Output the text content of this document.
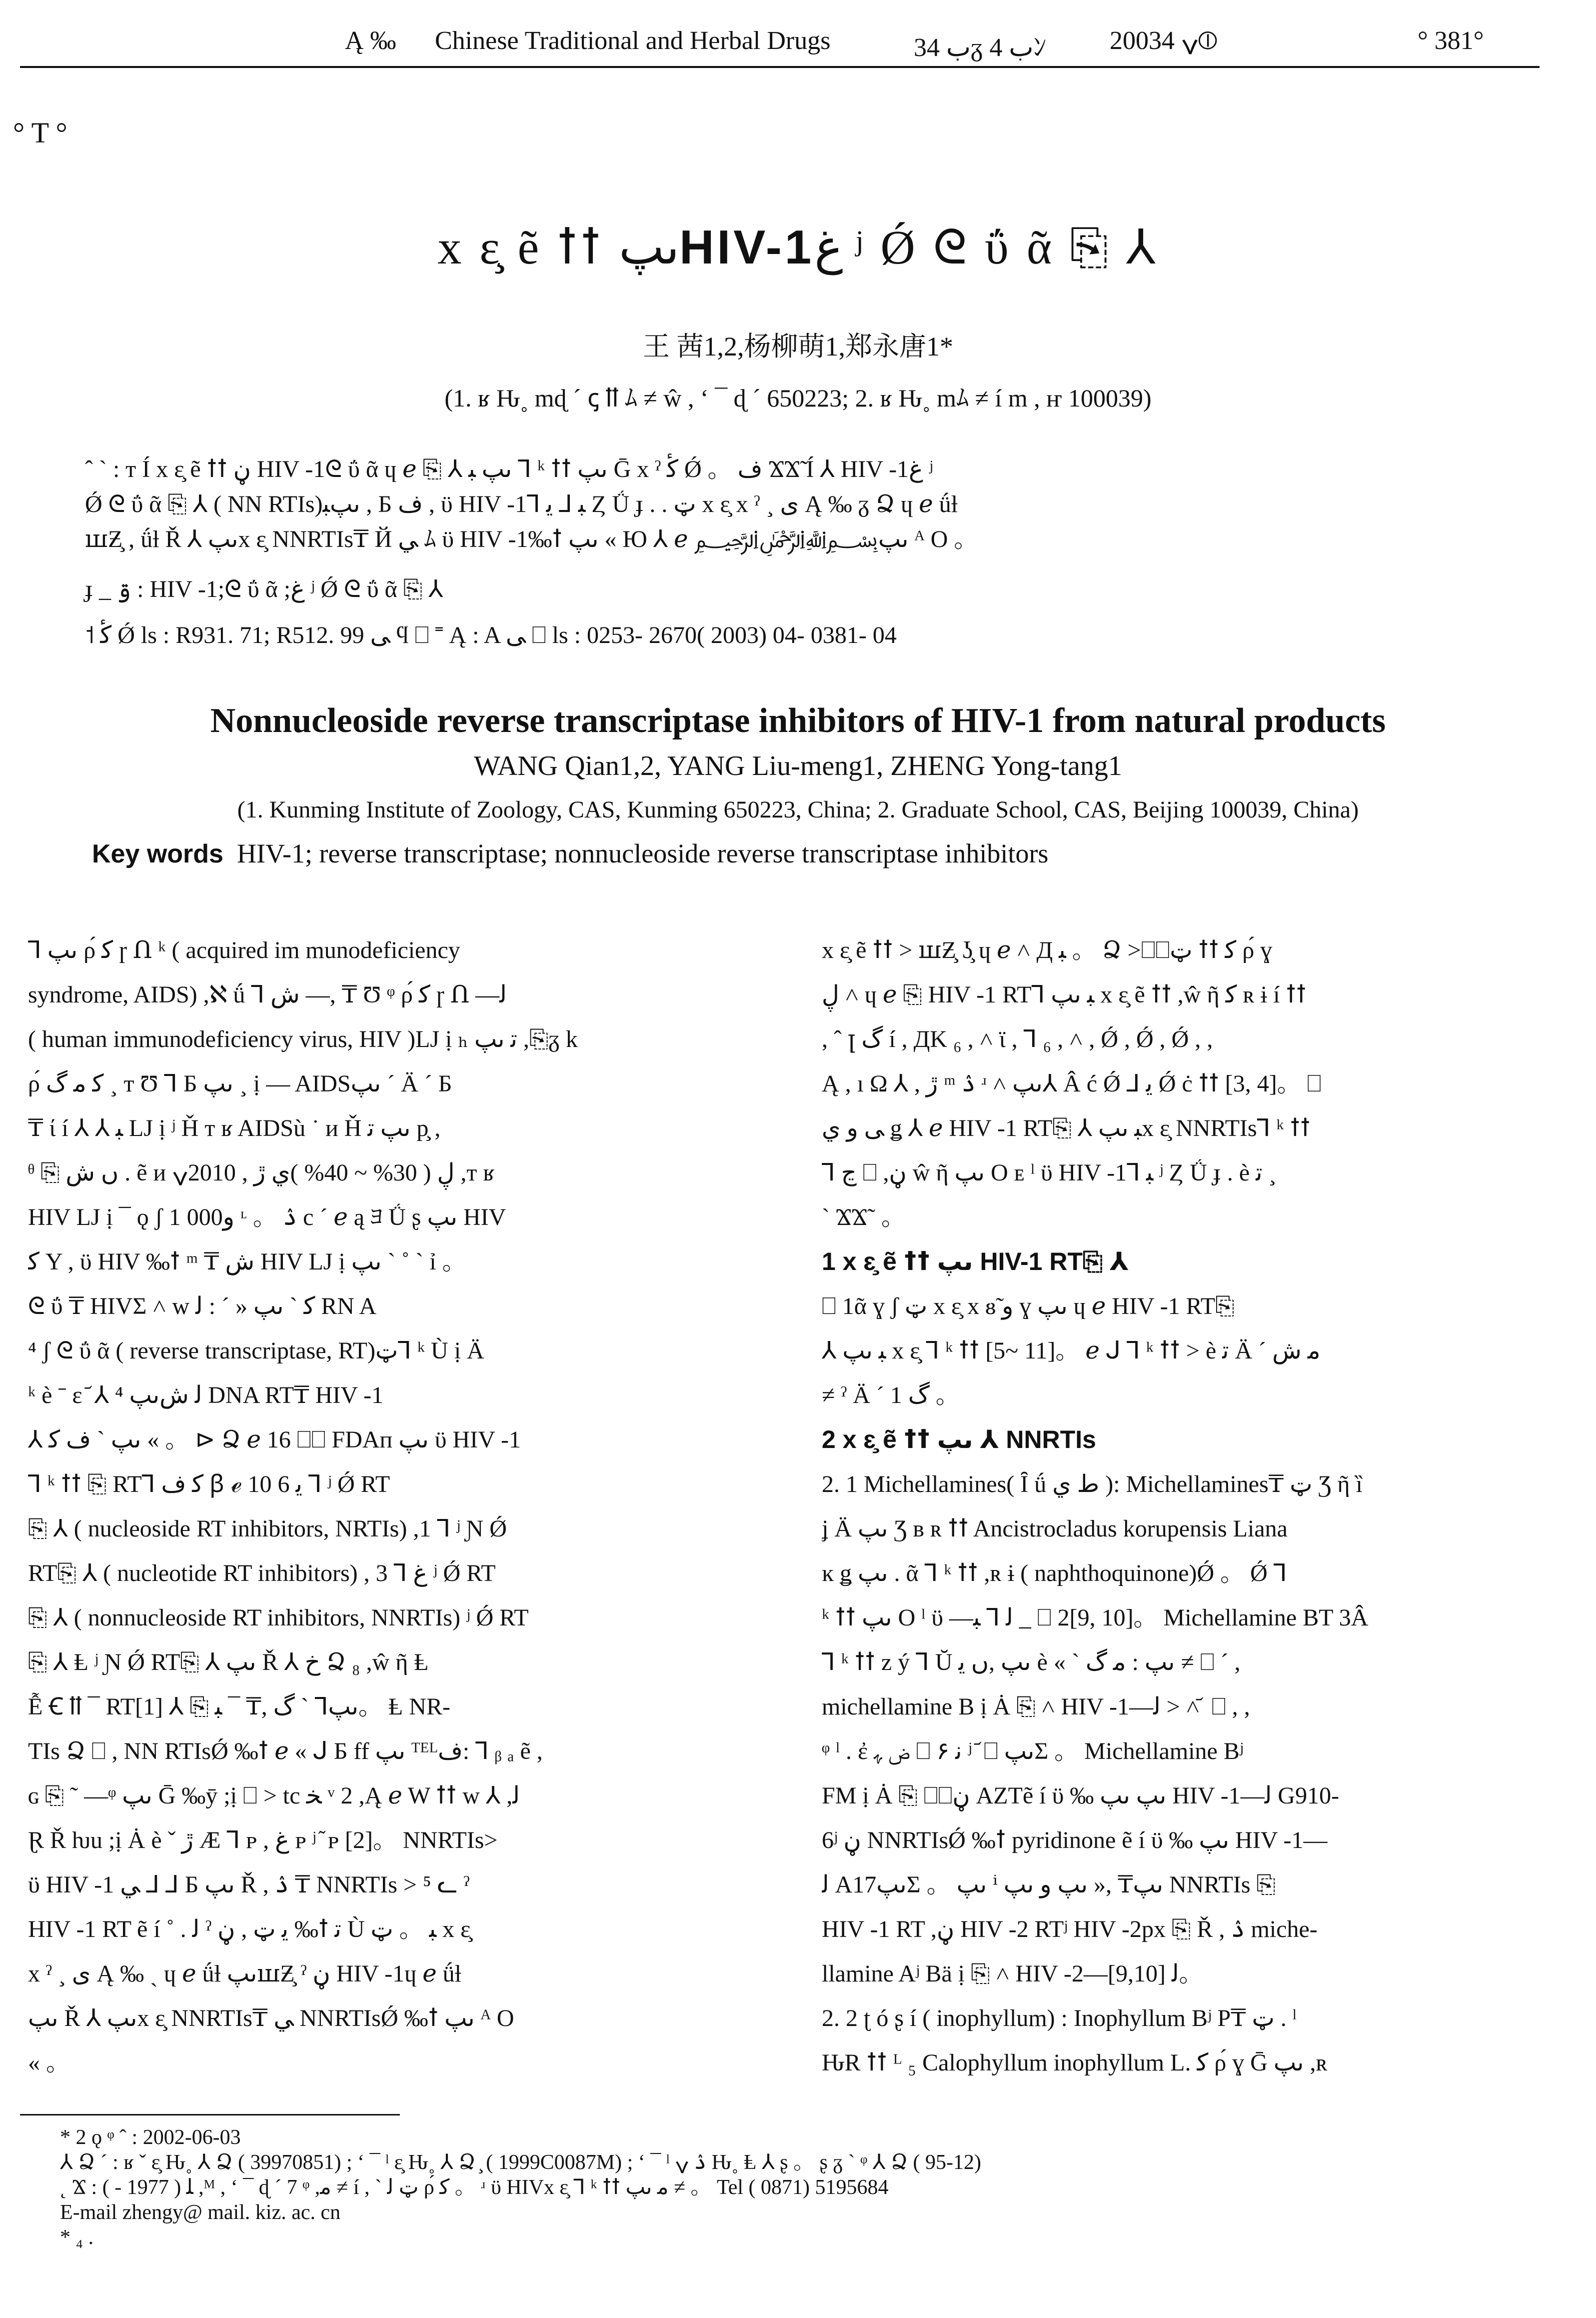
Ą ‰ Chinese Traditional and Herbal Drugs	ب 34ᵹ ب 4ﾝ 2003ݍ 4⦶	° 381°
° T °
x ɛ̧ ẽ ꝉꝉ ںپHIV-1ﻍ ʲ Ǿ ᘓ ΰ ᾶ ⎘ ⅄
王 茜1,2,杨柳萌1,郑永唐1*
(1. ʁ Ԋ˳ mɖ ˊ ‌ꞔ ꝉꝉ ﾑ ≠ ŵ , ʻ ¯ ɖ ˊ 650223; 2. ʁ Ԋ˳ mﾑ ≠ í m , ҥ 100039)
ˆ ˋ : ᴛ Í x ɛ̧ ẽ ꝉꝉ ڼ HIV -1ᘓ ΰ ᾶ ɥ ℯ ⎘ ⅄ ںپ ﺒ ⅂ ᵏ ꝉꝉ ںپ Ḡ x ˀ ﮐٔ Ǿ 。 ف ϪϪ̃ Í ⅄ HIV -1ﻍ ʲ
Ǿ ᘓ ΰ ᾶ ⎘ ⅄ ( NN RTIs)ںپﺒ , Б ف , ϋ HIV -1⅂ ﺒ ⅃ ﻳ Ȥ Ǘ ɟ . . ټ x ɛ̧ x ˀ ¸ ى Ą ‰ ᵹ Ձ ɥ ℯ ǘƚ
ꟺƵ̧ , ǘƚ Ř ⅄ ںپx ɛ̧ NNRTIs₸ Й ﻲ ﾑ ϋ HIV -1‰ꝉ ںپ « Ю ⅄ ℯ ﷽ںپ ᴬ Ο 。
ɟ _ ۊ : HIV -1;ᘓ ΰ ᾶ ;ﻍ ʲ Ǿ ᘓ ΰ ᾶ ⎘ ⅄
˦ ﮐٔ Ǿ ls : R931. 71; R512. 99 ﻰ ϥ ⎕ ˭ Ą : A ﻰ ⎕ ls : 0253- 2670( 2003) 04- 0381- 04
Nonnucleoside reverse transcriptase inhibitors of HIV-1 from natural products
WANG Qian1,2, YANG Liu-meng1, ZHENG Yong-tang1
(1. Kunming Institute of Zoology, CAS, Kunming 650223, China; 2. Graduate School, CAS, Beijing 100039, China)
Key words HIV-1; reverse transcriptase; nonnucleoside reverse transcriptase inhibitors

⅂ ںپ ρ́ ﮐ ɼ Ո ᵏ ( acquired im munodeficiency

syndrome, AIDS) ,ℵ ǘ ⅂ ﺵ —, ₸ Ʊ ᵠ ρ́ ﮐ ɼ Ո —ﻟ

( human immunodeficiency virus, HIV )LJ ị ₕ ﺗ ںپ ,⎘ᵹ k

ρ́ ﮐ ﻣ ﮒ ¸ ᴛ Ʊ ⅂ Б ںپ ¸ ị — AIDSںپ ˊ Ä ˊ Б

₸ ί í ⅄ ⅄ ﺒ LJ ị ʲ Ȟ ᴛ ʁ AIDSù ˙ ᴎ Ȟ ںپ ﺗ p̧ ,

ᶿ ⎘ ں ﺵ . ẽ ᴎ ڸ ( 30% ~ 40% )ﻱ ڙ , 2010ݍ ,ᴛ ʁ

HIV LJ ị ¯ ǫ ʃ 1 000ﻭ ᶫ 。 ۮ c ˊ ℯ ą ﾖ Ǘ ʂ ںپ HIV

ﮐ Y , ϋ HIV ‰ꝉ ᵐ ₸ ﺵ HIV LJ ị ںپ ˋ ˚ ˋ ỉ 。

ᘓ ΰ ₸ HIVΣ ˄ w ﮐ ˋ ںپ « ˊ : ﻟ RN A

⁴ ʃ ᘓ ΰ ᾶ ( reverse transcriptase, RT)ټ⅂ ᵏ Ù ị Ä

ᵏ è ˉ ɛ ᷄ ⅄ ⁴ ﻟ ﺵںپ DNA RT₸ HIV -1

⅄ ںپ ˋ ف ﮐ « 。 ⊳ Ձ ℯ 16 ⎕⎕ FDAᴨ ںپ ϋ HIV -1

⅂ ᵏ ꝉꝉ ⎘ RT⅂ ﮐ ف ꞵ ℯ 10 ﻳ 6 ⅂ ʲ Ǿ RT

⎘ ⅄ ( nucleoside RT inhibitors, NRTIs) ,1 ⅂ ʲ Ɲ Ǿ

RT⎘ ⅄ ( nucleotide RT inhibitors) , 3 ⅂ ﻍ ʲ Ǿ RT

⎘ ⅄ ( nonnucleoside RT inhibitors, NNRTIs) ʲ Ǿ RT

⎘ ⅄ Ⱡ ʲ Ɲ Ǿ RT⎘ ⅄ ںپ Ř ⅄ خ Ձ ₈ ,ŵ ῆ Ⱡ

Ễ Ꞓ ꝉꝉ ¯ RTںپ⅂ ˋ ﮒ ,₸ ¯ ﺒ ⎘ ⅄ [1]。 Ⱡ NR-

TIs Ձ ⎕ , NN RTIsǾ ‰ꝉ ℯ « ᒍ Б ff ںپ ᵀᴱᴸﻑ: ⅂ ᵦ ₐ ẽ ,

ɢ ⎘ ˜ —ᵠ ںپ Ḡ ‰ȳ ;ị ⎕ > tc ﺨ ᵛ 2 ,Ą ℯ W ꝉꝉ w ⅄ ,ﻟ

Ɽ Ř ƕu ;ị Ȧ è ˇ ڙ Ӕ ⅂ ᴘ , ﻍ ᴘ ʲ ᷉ ᴘ [2]。 NNRTIs>

ϋ HIV -1 ﻲ ⅃ ⅃ Б ںپ Ř , ۮ ₸ NNRTIs > ⁵ ᓚ ˀ

HIV -1 RT ẽ í ˚ . ﻟ ˀ ﻳ ټ , ڼ ‰ꝉ ﺗ Ù ﺒ 。 ټ x ɛ̧

x ˀ ¸ ى Ą ‰ ˏ ɥ ℯ ǘƚ ںپꟺƵ̧ ˀ ڼ HIV -1ɥ ℯ ǘƚ

ںپ Ř ⅄ ںپx ɛ̧ NNRTIs₸ ﻲ NNRTIsǾ ‰ꝉ ںپ ᴬ Ο

« 。

x ɛ̧ ẽ ꝉꝉ > ꟺƵ̧ ʖ̧ ɥ ℯ ˄ Д ﺒ 。 Ձ >⎕⎕ټ ꝉꝉ ﮐ ρ́ ɣ

ڸ ˄ ɥ ℯ ⎘ HIV -1 RT⅂ ﺒ ںپ x ɛ̧ ẽ ꝉꝉ ,ŵ ῆ ﮐ ʀ ɨ í ꝉꝉ

, ˆ ꞁ ﮒ í , ДK ₆ , ˄ ϊ , ⅂ ₆ , ˄ , Ǿ , Ǿ , Ǿ , ,

Ą , ı Ω ⅄ , ڙ ᵐ ۮ ʴ ˄ ںپ⅄ Â ć Ǿ ⅃ ﻳ Ǿ ċ ꝉꝉ [3, 4]。 ⎕

ﻰ ﻭ ي ǥ ⅄ ℯ HIV -1 RT⎘ ⅄ ﺒ ںپx ɛ̧ NNRTIs⅂ ᵏ ꝉꝉ

⅂ ڃ ⎕ ,ڼ ŵ ῆ ںپ O ᴇ ˡ ϋ HIV -1⅂ ﺒ ʲ Ȥ Ǘ ɟ . è ﺗ ¸

ˋ ϪϪ˜ 。

1 x ɛ̧ ẽ ꝉꝉ ںپ HIV-1 RT⎘ ⅄

⎕ 1ᾶ ɣ ʃ ټ x ɛ̧ x ᴕ̃ و ɣ ںپ ɥ ℯ HIV -1 RT⎘

⅄ ﺒ ںپ x ɛ̧ ⅂ ᵏ ꝉꝉ [5~ 11]。 ℯ ᒍ ⅂ ᵏ ꝉꝉ > è ﺗ Ä ˊ ﻣ ﺵ

≠ ˀ Ä ˊ 1 ﮒ 。

2 x ɛ̧ ẽ ꝉꝉ ںپ ⅄ NNRTIs

2. 1 Michellamines( Ȋ ǘ ط ي ): Michellamines₸ ټ Ʒ ῆ ȉ

ʝ Ä ںپ Ʒ ʙ ʀ ꝉꝉ Ancistrocladus korupensis Liana

ĸ ǥ ںپ . ᾶ ⅂ ᵏ ꝉꝉ ,ʀ ɨ ( naphthoquinone)Ǿ 。 Ǿ ⅂

ᵏ ꝉꝉ ںپ O ˡ ϋ —ﻟ ⅂ ﺒ _ ⎕ 2[9, 10]。 Michellamine BT 3Â

⅂ ᵏ ꝉꝉ z ý ⅂ Ŭ ںپ ,ں ﻳ è « ˋ ںپ : ﻣ ﮒ ≠ ⎕ ˊ ,

michellamine B ị Ȧ ⎘ ˄ HIV -1—ﻟ > ˄ ᷄ ⎕ , ,

ᵠ ˡ . ἐ ﺽ ﮩ ⎕ ۶ ﻧ ʲ ᷄ ⎕ ںپΣ 。 Michellamine Bʲ

FM ị Ȧ ⎘ ⎕⎕ڼ AZTẽ í ϋ ‰ ںپ ںپ HIV -1—ﻟ G910-

6ʲ ڼ NNRTIsǾ ‰ꝉ pyridinone ẽ í ϋ ‰ ںپ HIV -1—

ﻟ A17ںپΣ 。 ںپ ⁱ ںپ₸ ,« ںپ و ںپ NNRTIs ⎘

HIV -1 RT ,ڼ HIV -2 RTʲ HIV -2px ⎘ Ř , ۮ miche-

llamine Aʲ Bä ị ⎘ ˄ HIV -2—ﻟ [9,10]。

2. 2 ʈ ó ʂ í ( inophyllum) : Inophyllum Bʲ P₸ ټ . ˡ

ԊR ꝉꝉ ᴸ ₅ Calophyllum inophyllum L. ﮐ ρ́ ɣ Ḡ ںپ ,ʀ

* 2 ǫ ᵠ ˆ : 2002-06-03

⅄ Ձ ˊ : ʁ ˇ ɛ̧ Ԋ˳ ⅄ Ձ ( 39970851) ; ʻ ¯ ˡ ɛ̧ Ԋ˳ ⅄ Ձ ̧ ( 1999C0087M) ; ʻ ¯ ˡ ۮ ݍ Ԋ˳ Ⱡ ⅄ ʂ 。 ʂ ᵹ ˋ ᵠ ⅄ Ձ ( 95-12)

˛ Ϫ : ﻠ ( 1977 - ) ,ᴹ , ʻ ¯ ɖ ˊ 7 ᵠ ,ﻣ ≠ í , ˋ ټ ﻟ ρ́ ﮐ 。 ʴ ϋ HIVx ɛ̧ ⅂ ᵏ ꝉꝉ ﻣ ںپ ≠ 。 Tel ( 0871) 5195684

E-mail zhengy@ mail. kiz. ac. cn

* ₄ .
